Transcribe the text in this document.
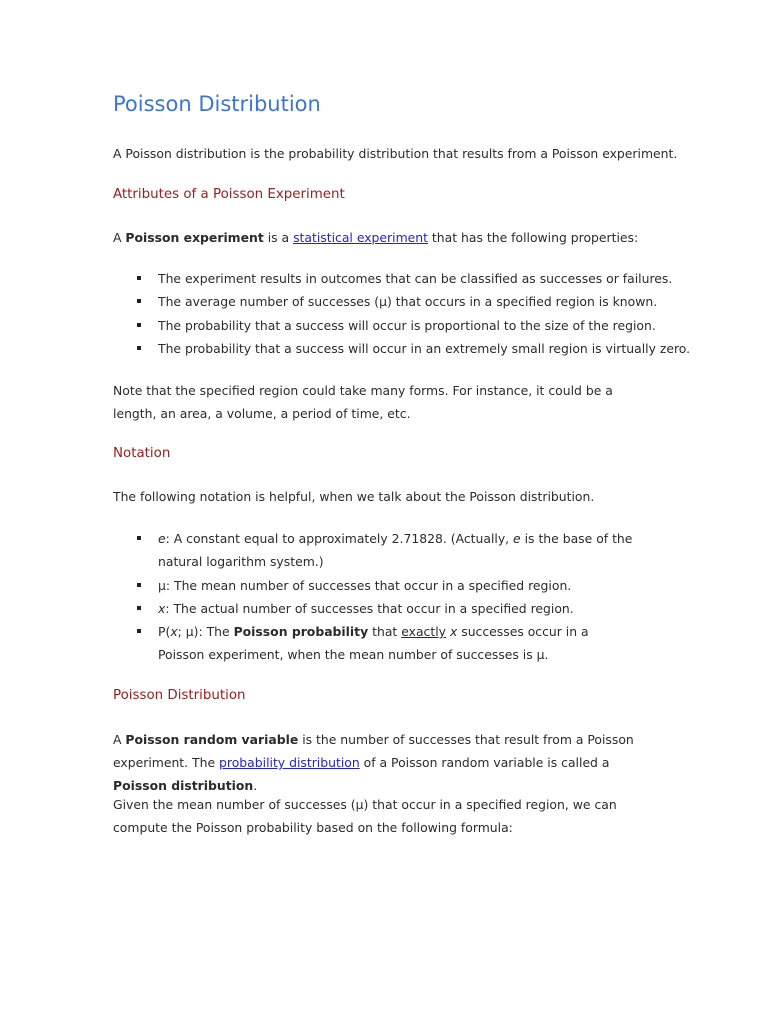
Poisson Distribution

A Poisson distribution is the probability distribution that results from a Poisson experiment.

Attributes of a Poisson Experiment

A Poisson experiment is a statistical experiment that has the following properties:

The experiment results in outcomes that can be classified as successes or failures.
The average number of successes (μ) that occurs in a specified region is known.
The probability that a success will occur is proportional to the size of the region.
The probability that a success will occur in an extremely small region is virtually zero.

Note that the specified region could take many forms. For instance, it could be a length, an area, a volume, a period of time, etc.

Notation

The following notation is helpful, when we talk about the Poisson distribution.

e: A constant equal to approximately 2.71828. (Actually, e is the base of the natural logarithm system.)
μ: The mean number of successes that occur in a specified region.
x: The actual number of successes that occur in a specified region.
P(x; μ): The Poisson probability that exactly x successes occur in a Poisson experiment, when the mean number of successes is μ.
Poisson Distribution

A Poisson random variable is the number of successes that result from a Poisson experiment. The probability distribution of a Poisson random variable is called a Poisson distribution.

Given the mean number of successes (μ) that occur in a specified region, we can compute the Poisson probability based on the following formula:
